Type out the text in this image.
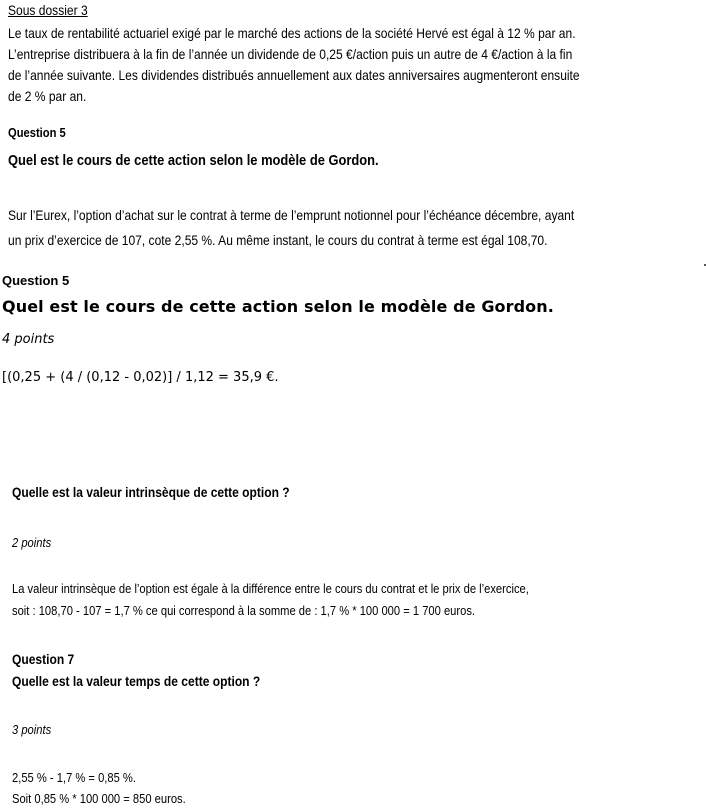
Sous dossier 3
Le taux de rentabilité actuariel exigé par le marché des actions de la société Hervé est égal à 12 % par an.
L’entreprise distribuera à la fin de l’année un dividende de 0,25 €/action puis un autre de 4 €/action à la fin
de l’année suivante. Les dividendes distribués annuellement aux dates anniversaires augmenteront ensuite
de 2 % par an.
Question 5
Quel est le cours de cette action selon le modèle de Gordon.
Sur l’Eurex, l’option d’achat sur le contrat à terme de l’emprunt notionnel pour l’échéance décembre, ayant
un prix d’exercice de 107, cote 2,55 %. Au même instant, le cours du contrat à terme est égal 108,70.
Question 5
Quel est le cours de cette action selon le modèle de Gordon.
4 points
[(0,25 + (4 / (0,12 - 0,02)] / 1,12 = 35,9 €.
Quelle est la valeur intrinsèque de cette option ?
2 points
La valeur intrinsèque de l’option est égale à la différence entre le cours du contrat et le prix de l’exercice,
soit : 108,70 - 107 = 1,7 % ce qui correspond à la somme de : 1,7 % * 100 000 = 1 700 euros.
Question 7
Quelle est la valeur temps de cette option ?
3 points
2,55 % - 1,7 % = 0,85 %.
Soit 0,85 % * 100 000 = 850 euros.
